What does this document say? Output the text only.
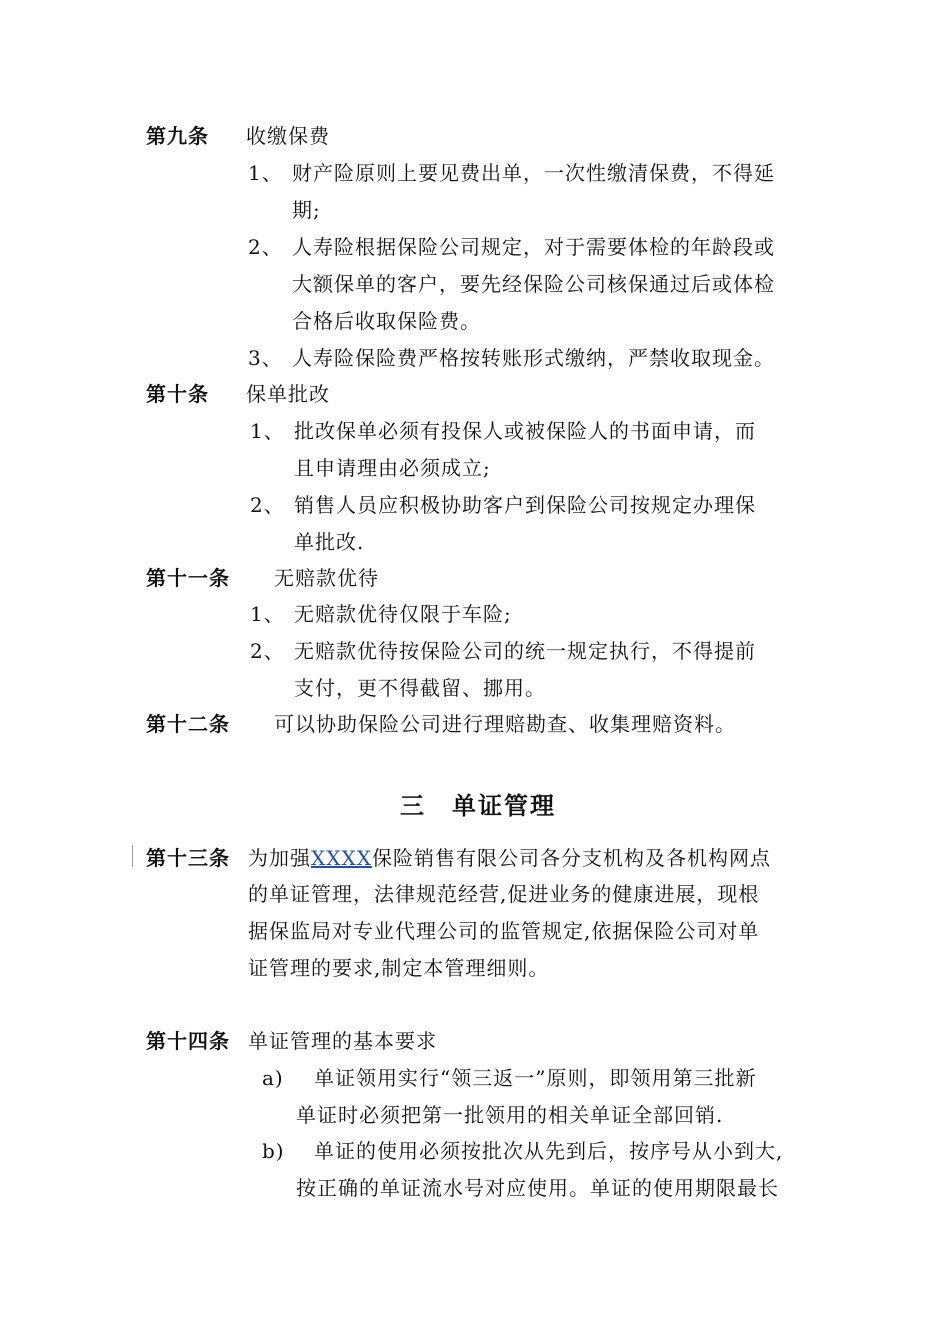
第九条 收缴保费
1、 财产险原则上要见费出单，一次性缴清保费，不得延
期;
2、 人寿险根据保险公司规定，对于需要体检的年龄段或
大额保单的客户，要先经保险公司核保通过后或体检
合格后收取保险费。
3、 人寿险保险费严格按转账形式缴纳，严禁收取现金。
第十条 保单批改
1、 批改保单必须有投保人或被保险人的书面申请，而
且申请理由必须成立;
2、 销售人员应积极协助客户到保险公司按规定办理保
单批改.
第十一条 无赔款优待
1、 无赔款优待仅限于车险;
2、 无赔款优待按保险公司的统一规定执行，不得提前
支付，更不得截留、挪用。
第十二条 可以协助保险公司进行理赔勘查、收集理赔资料。
三　单证管理
第十三条 为加强XXXX保险销售有限公司各分支机构及各机构网点
的单证管理，法律规范经营,促进业务的健康进展，现根
据保监局对专业代理公司的监管规定,依据保险公司对单
证管理的要求,制定本管理细则。
第十四条 单证管理的基本要求
a) 单证领用实行“领三返一”原则，即领用第三批新
单证时必须把第一批领用的相关单证全部回销.
b) 单证的使用必须按批次从先到后，按序号从小到大,
按正确的单证流水号对应使用。单证的使用期限最长
